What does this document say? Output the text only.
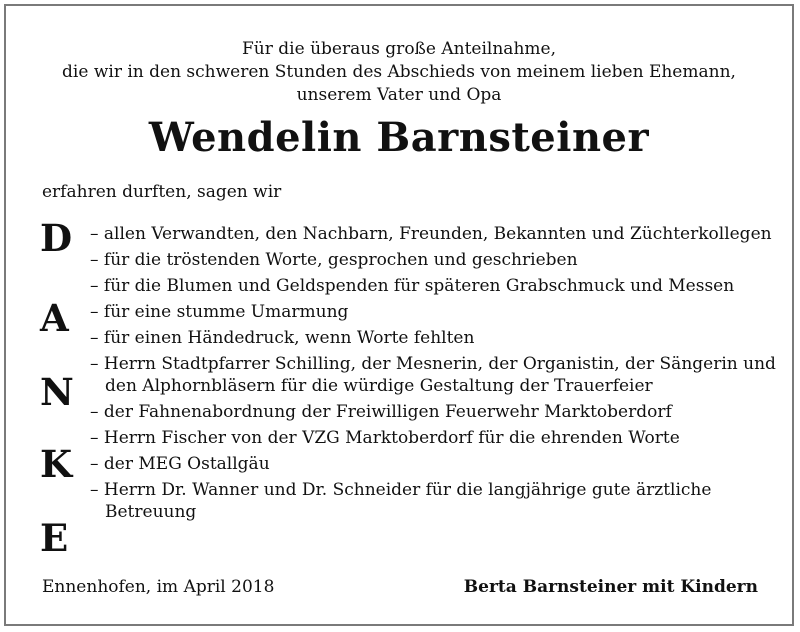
Für die überaus große Anteilnahme,
die wir in den schweren Stunden des Abschieds von meinem lieben Ehemann,
unserem Vater und Opa
Wendelin Barnsteiner
erfahren durften, sagen wir
D
A
N
K
E
– allen Verwandten, den Nachbarn, Freunden, Bekannten und Züchterkollegen
– für die tröstenden Worte, gesprochen und geschrieben
– für die Blumen und Geldspenden für späteren Grabschmuck und Messen
– für eine stumme Umarmung
– für einen Händedruck, wenn Worte fehlten
– Herrn Stadtpfarrer Schilling, der Mesnerin, der Organistin, der Sängerin und den Alphornbläsern für die würdige Gestaltung der Trauerfeier
– der Fahnenabordnung der Freiwilligen Feuerwehr Marktoberdorf
– Herrn Fischer von der VZG Marktoberdorf für die ehrenden Worte
– der MEG Ostallgäu
– Herrn Dr. Wanner und Dr. Schneider für die langjährige gute ärztliche Betreuung
Ennenhofen, im April 2018	Berta Barnsteiner mit Kindern
